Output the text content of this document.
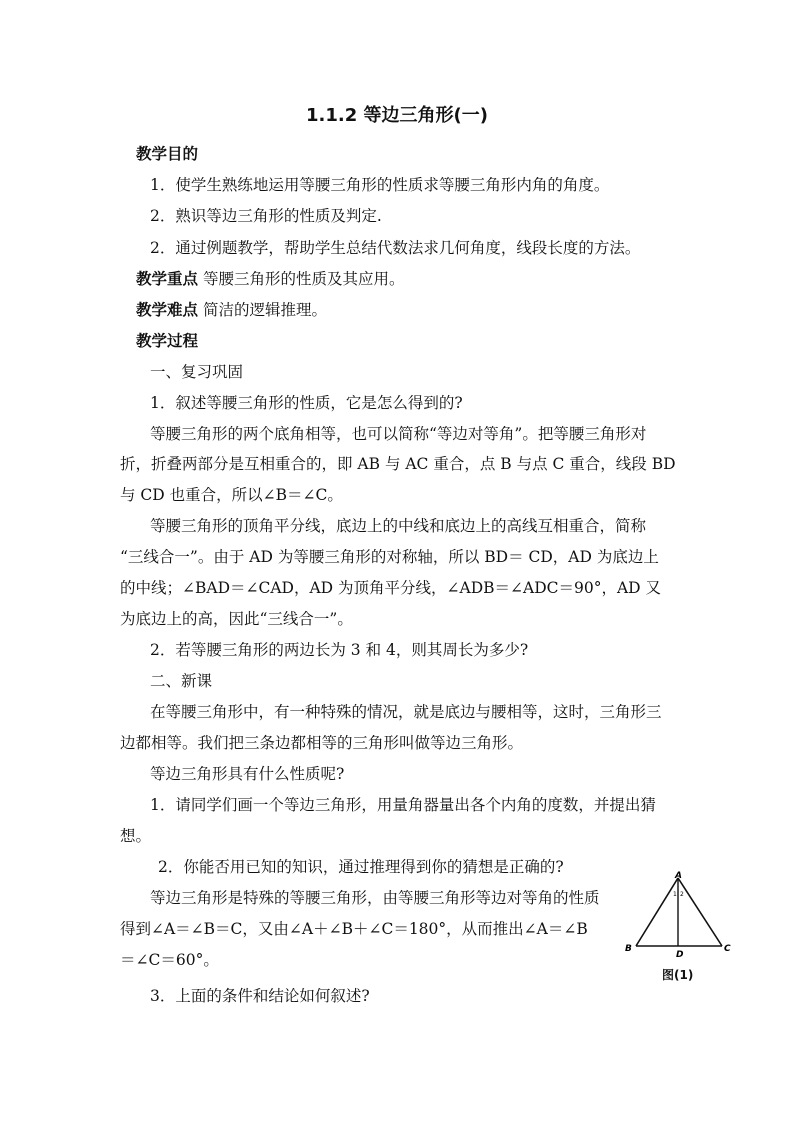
1.1.2 等边三角形(一)
教学目的
1．使学生熟练地运用等腰三角形的性质求等腰三角形内角的角度。
2．熟识等边三角形的性质及判定.
2．通过例题教学，帮助学生总结代数法求几何角度，线段长度的方法。
教学重点 等腰三角形的性质及其应用。
教学难点 简洁的逻辑推理。
教学过程
一、复习巩固
1．叙述等腰三角形的性质，它是怎么得到的?
等腰三角形的两个底角相等，也可以简称“等边对等角”。把等腰三角形对
折，折叠两部分是互相重合的，即 AB 与 AC 重合，点 B 与点 C 重合，线段 BD
与 CD 也重合，所以∠B＝∠C。
等腰三角形的顶角平分线，底边上的中线和底边上的高线互相重合，简称
“三线合一”。由于 AD 为等腰三角形的对称轴，所以 BD＝ CD，AD 为底边上
的中线；∠BAD＝∠CAD，AD 为顶角平分线，∠ADB＝∠ADC＝90°，AD 又
为底边上的高，因此“三线合一”。
2．若等腰三角形的两边长为 3 和 4，则其周长为多少?
二、新课
在等腰三角形中，有一种特殊的情况，就是底边与腰相等，这时，三角形三
边都相等。我们把三条边都相等的三角形叫做等边三角形。
等边三角形具有什么性质呢?
1．请同学们画一个等边三角形，用量角器量出各个内角的度数，并提出猜
想。
2．你能否用已知的知识，通过推理得到你的猜想是正确的?
等边三角形是特殊的等腰三角形，由等腰三角形等边对等角的性质
得到∠A＝∠B＝C，又由∠A＋∠B＋∠C＝180°，从而推出∠A＝∠B
＝∠C＝60°。
3．上面的条件和结论如何叙述?
A
B	C
D
1 2
图(1)
